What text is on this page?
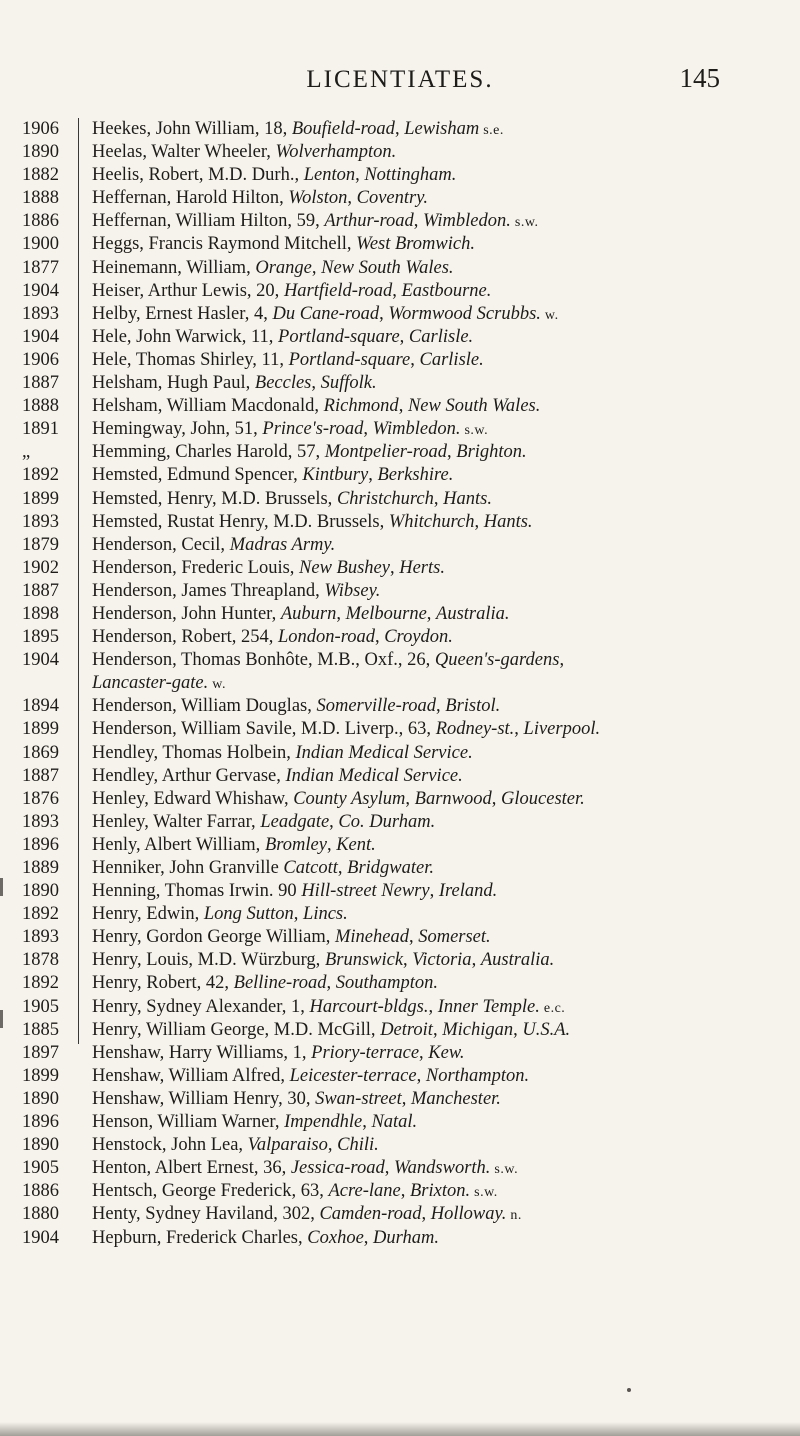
LICENTIATES.	145
1906	Heekes, John William, 18, Boufield-road, Lewisham s.e.
1890	Heelas, Walter Wheeler, Wolverhampton.
1882	Heelis, Robert, M.D. Durh., Lenton, Nottingham.
1888	Heffernan, Harold Hilton, Wolston, Coventry.
1886	Heffernan, William Hilton, 59, Arthur-road, Wimbledon. s.w.
1900	Heggs, Francis Raymond Mitchell, West Bromwich.
1877	Heinemann, William, Orange, New South Wales.
1904	Heiser, Arthur Lewis, 20, Hartfield-road, Eastbourne.
1893	Helby, Ernest Hasler, 4, Du Cane-road, Wormwood Scrubbs. w.
1904	Hele, John Warwick, 11, Portland-square, Carlisle.
1906	Hele, Thomas Shirley, 11, Portland-square, Carlisle.
1887	Helsham, Hugh Paul, Beccles, Suffolk.
1888	Helsham, William Macdonald, Richmond, New South Wales.
1891	Hemingway, John, 51, Prince's-road, Wimbledon. s.w.
„	Hemming, Charles Harold, 57, Montpelier-road, Brighton.
1892	Hemsted, Edmund Spencer, Kintbury, Berkshire.
1899	Hemsted, Henry, M.D. Brussels, Christchurch, Hants.
1893	Hemsted, Rustat Henry, M.D. Brussels, Whitchurch, Hants.
1879	Henderson, Cecil, Madras Army.
1902	Henderson, Frederic Louis, New Bushey, Herts.
1887	Henderson, James Threapland, Wibsey.
1898	Henderson, John Hunter, Auburn, Melbourne, Australia.
1895	Henderson, Robert, 254, London-road, Croydon.
1904	Henderson, Thomas Bonhôte, M.B., Oxf., 26, Queen's-gardens,
Lancaster-gate. w.
1894	Henderson, William Douglas, Somerville-road, Bristol.
1899	Henderson, William Savile, M.D. Liverp., 63, Rodney-st., Liverpool.
1869	Hendley, Thomas Holbein, Indian Medical Service.
1887	Hendley, Arthur Gervase, Indian Medical Service.
1876	Henley, Edward Whishaw, County Asylum, Barnwood, Gloucester.
1893	Henley, Walter Farrar, Leadgate, Co. Durham.
1896	Henly, Albert William, Bromley, Kent.
1889	Henniker, John Granville Catcott, Bridgwater.
1890	Henning, Thomas Irwin. 90 Hill-street Newry, Ireland.
1892	Henry, Edwin, Long Sutton, Lincs.
1893	Henry, Gordon George William, Minehead, Somerset.
1878	Henry, Louis, M.D. Würzburg, Brunswick, Victoria, Australia.
1892	Henry, Robert, 42, Belline-road, Southampton.
1905	Henry, Sydney Alexander, 1, Harcourt-bldgs., Inner Temple. e.c.
1885	Henry, William George, M.D. McGill, Detroit, Michigan, U.S.A.
1897	Henshaw, Harry Williams, 1, Priory-terrace, Kew.
1899	Henshaw, William Alfred, Leicester-terrace, Northampton.
1890	Henshaw, William Henry, 30, Swan-street, Manchester.
1896	Henson, William Warner, Impendhle, Natal.
1890	Henstock, John Lea, Valparaiso, Chili.
1905	Henton, Albert Ernest, 36, Jessica-road, Wandsworth. s.w.
1886	Hentsch, George Frederick, 63, Acre-lane, Brixton. s.w.
1880	Henty, Sydney Haviland, 302, Camden-road, Holloway. n.
1904	Hepburn, Frederick Charles, Coxhoe, Durham.
